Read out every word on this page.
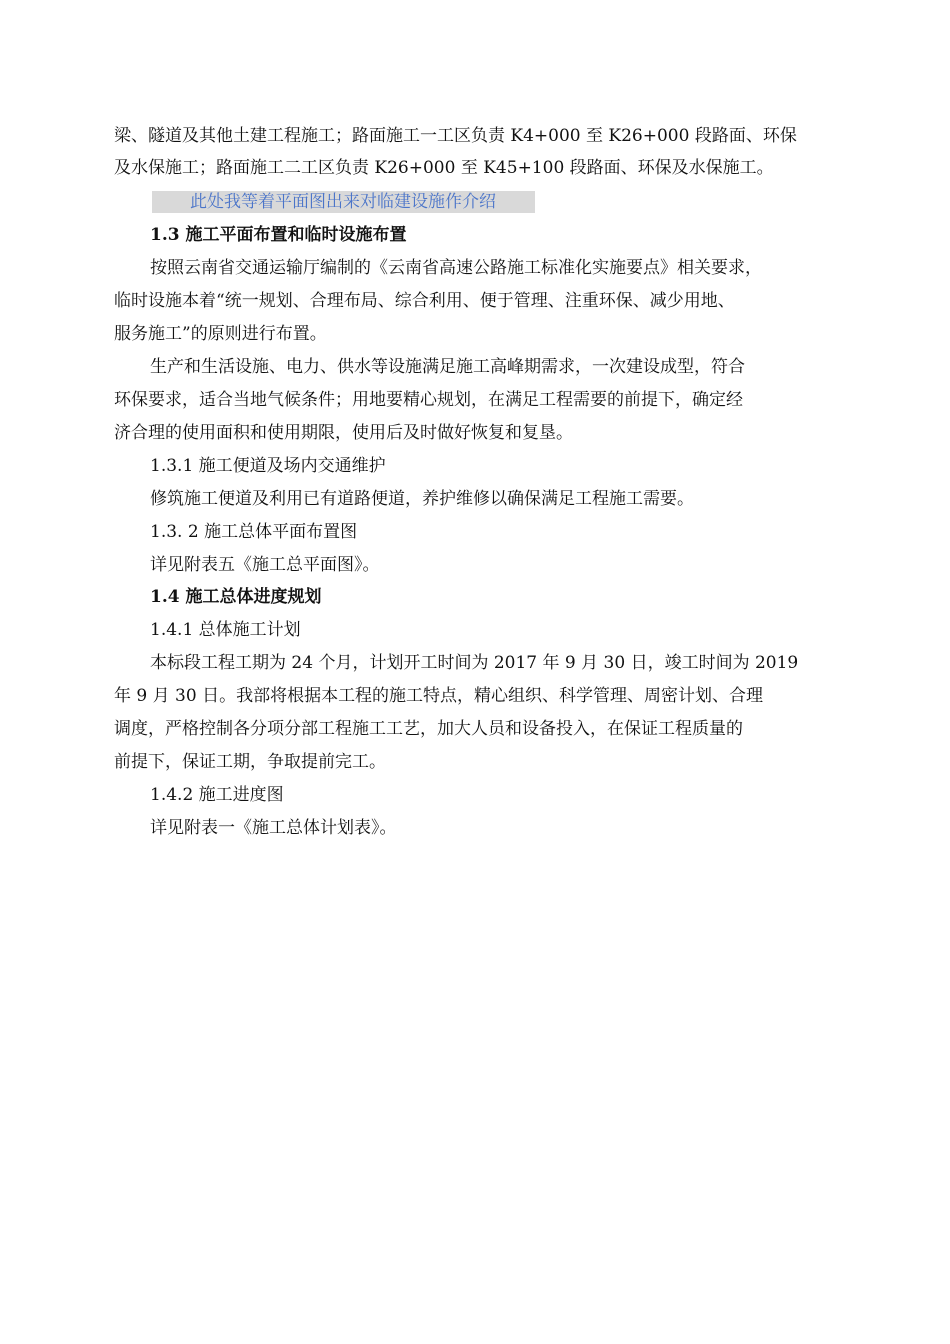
梁、隧道及其他土建工程施工；路面施工一工区负责 K4+000 至 K26+000 段路面、环保
及水保施工；路面施工二工区负责 K26+000 至 K45+100 段路面、环保及水保施工。
此处我等着平面图出来对临建设施作介绍
1.3 施工平面布置和临时设施布置
按照云南省交通运输厅编制的《云南省高速公路施工标准化实施要点》相关要求，
临时设施本着“统一规划、合理布局、综合利用、便于管理、注重环保、减少用地、
服务施工”的原则进行布置。
生产和生活设施、电力、供水等设施满足施工高峰期需求，一次建设成型，符合
环保要求，适合当地气候条件；用地要精心规划，在满足工程需要的前提下，确定经
济合理的使用面积和使用期限，使用后及时做好恢复和复垦。
1.3.1 施工便道及场内交通维护
修筑施工便道及利用已有道路便道，养护维修以确保满足工程施工需要。
1.3. 2 施工总体平面布置图
详见附表五《施工总平面图》。
1.4 施工总体进度规划
1.4.1 总体施工计划
本标段工程工期为 24 个月，计划开工时间为 2017 年 9 月 30 日，竣工时间为 2019
年 9 月 30 日。我部将根据本工程的施工特点，精心组织、科学管理、周密计划、合理
调度，严格控制各分项分部工程施工工艺，加大人员和设备投入，在保证工程质量的
前提下，保证工期，争取提前完工。
1.4.2 施工进度图
详见附表一《施工总体计划表》。
